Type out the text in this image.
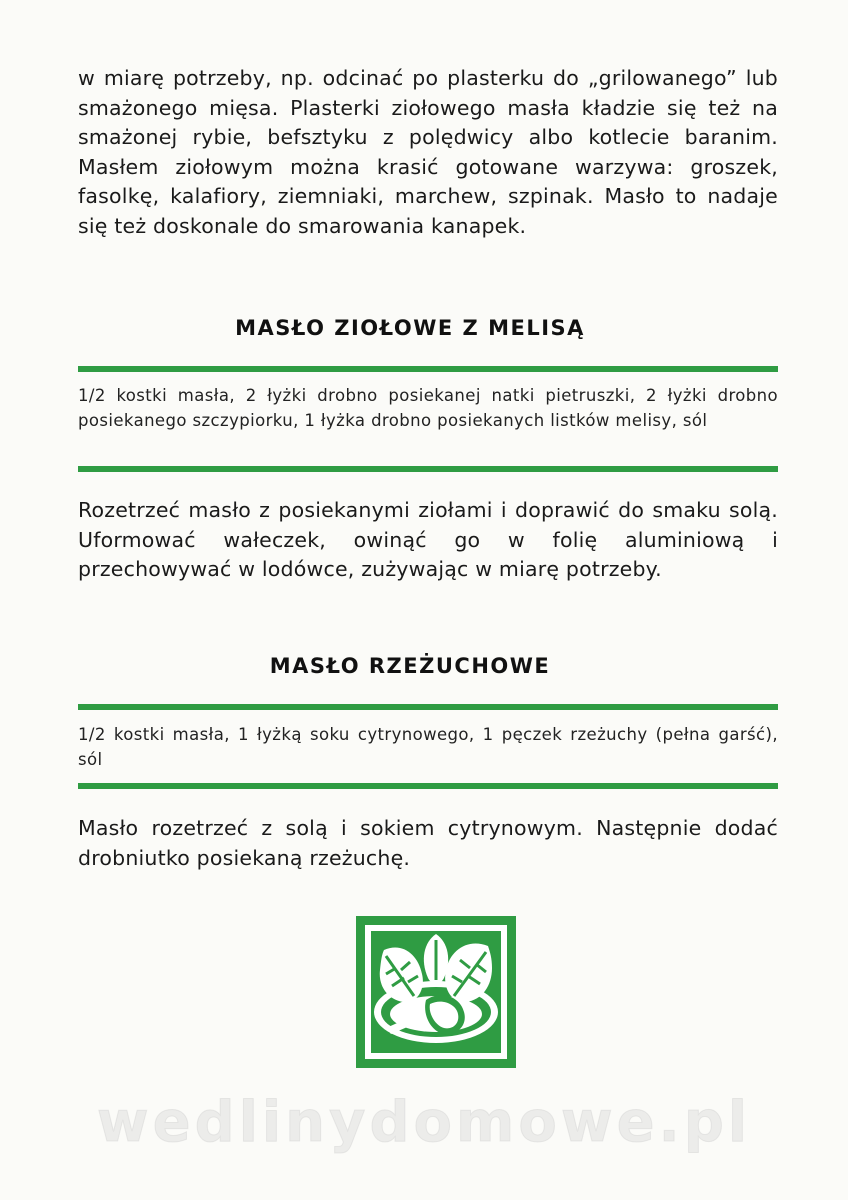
w miarę potrzeby, np. odcinać po plasterku do „grilowanego” lub smażonego mięsa. Plasterki ziołowego masła kładzie się też na smażonej rybie, befsztyku z polędwicy albo kotlecie baranim. Masłem ziołowym można krasić gotowane warzywa: groszek, fasolkę, kalafiory, ziemniaki, marchew, szpinak. Masło to nadaje się też doskonale do smarowania kanapek.

MASŁO ZIOŁOWE Z MELISĄ

1/2 kostki masła, 2 łyżki drobno posiekanej natki pietruszki, 2 łyżki drobno posiekanego szczypiorku, 1 łyżka drobno posiekanych listków melisy, sól

Rozetrzeć masło z posiekanymi ziołami i doprawić do smaku solą. Uformować wałeczek, owinąć go w folię aluminiową i przechowywać w lodówce, zużywając w miarę potrzeby.

MASŁO RZEŻUCHOWE

1/2 kostki masła, 1 łyżką soku cytrynowego, 1 pęczek rzeżuchy (pełna garść), sól

Masło rozetrzeć z solą i sokiem cytrynowym. Następnie dodać drobniutko posiekaną rzeżuchę.

wedlinydomowe.pl
